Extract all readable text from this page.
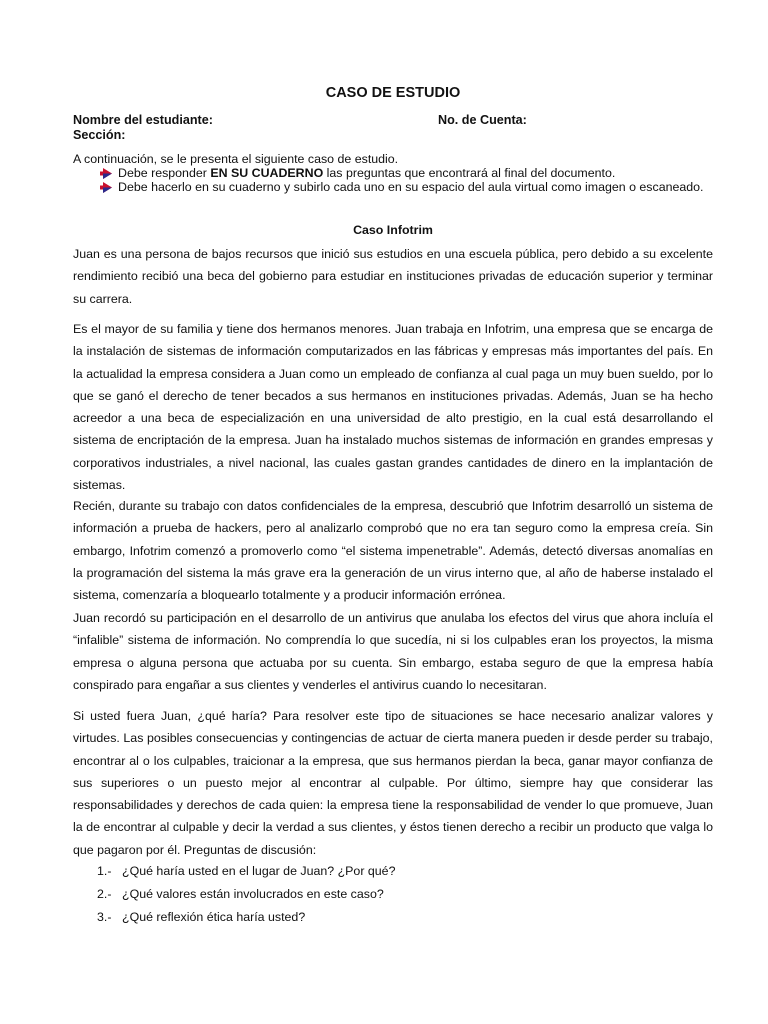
CASO DE ESTUDIO
Nombre del estudiante:	No. de Cuenta:
Sección:
A continuación, se le presenta el siguiente caso de estudio.
Debe responder EN SU CUADERNO las preguntas que encontrará al final del documento.
Debe hacerlo en su cuaderno y subirlo cada uno en su espacio del aula virtual como imagen o escaneado.
Caso Infotrim

Juan es una persona de bajos recursos que inició sus estudios en una escuela pública, pero debido a su excelente rendimiento recibió una beca del gobierno para estudiar en instituciones privadas de educación superior y terminar su carrera.

Es el mayor de su familia y tiene dos hermanos menores. Juan trabaja en Infotrim, una empresa que se encarga de la instalación de sistemas de información computarizados en las fábricas y empresas más importantes del país. En la actualidad la empresa considera a Juan como un empleado de confianza al cual paga un muy buen sueldo, por lo que se ganó el derecho de tener becados a sus hermanos en instituciones privadas. Además, Juan se ha hecho acreedor a una beca de especialización en una universidad de alto prestigio, en la cual está desarrollando el sistema de encriptación de la empresa. Juan ha instalado muchos sistemas de información en grandes empresas y corporativos industriales, a nivel nacional, las cuales gastan grandes cantidades de dinero en la implantación de sistemas.

Recién, durante su trabajo con datos confidenciales de la empresa, descubrió que Infotrim desarrolló un sistema de información a prueba de hackers, pero al analizarlo comprobó que no era tan seguro como la empresa creía. Sin embargo, Infotrim comenzó a promoverlo como “el sistema impenetrable”. Además, detectó diversas anomalías en la programación del sistema la más grave era la generación de un virus interno que, al año de haberse instalado el sistema, comenzaría a bloquearlo totalmente y a producir información errónea.

Juan recordó su participación en el desarrollo de un antivirus que anulaba los efectos del virus que ahora incluía el “infalible” sistema de información. No comprendía lo que sucedía, ni si los culpables eran los proyectos, la misma empresa o alguna persona que actuaba por su cuenta. Sin embargo, estaba seguro de que la empresa había conspirado para engañar a sus clientes y venderles el antivirus cuando lo necesitaran.

Si usted fuera Juan, ¿qué haría? Para resolver este tipo de situaciones se hace necesario analizar valores y virtudes. Las posibles consecuencias y contingencias de actuar de cierta manera pueden ir desde perder su trabajo, encontrar al o los culpables, traicionar a la empresa, que sus hermanos pierdan la beca, ganar mayor confianza de sus superiores o un puesto mejor al encontrar al culpable. Por último, siempre hay que considerar las responsabilidades y derechos de cada quien: la empresa tiene la responsabilidad de vender lo que promueve, Juan la de encontrar al culpable y decir la verdad a sus clientes, y éstos tienen derecho a recibir un producto que valga lo que pagaron por él. Preguntas de discusión:

1.- ¿Qué haría usted en el lugar de Juan? ¿Por qué?
2.- ¿Qué valores están involucrados en este caso?
3.- ¿Qué reflexión ética haría usted?
